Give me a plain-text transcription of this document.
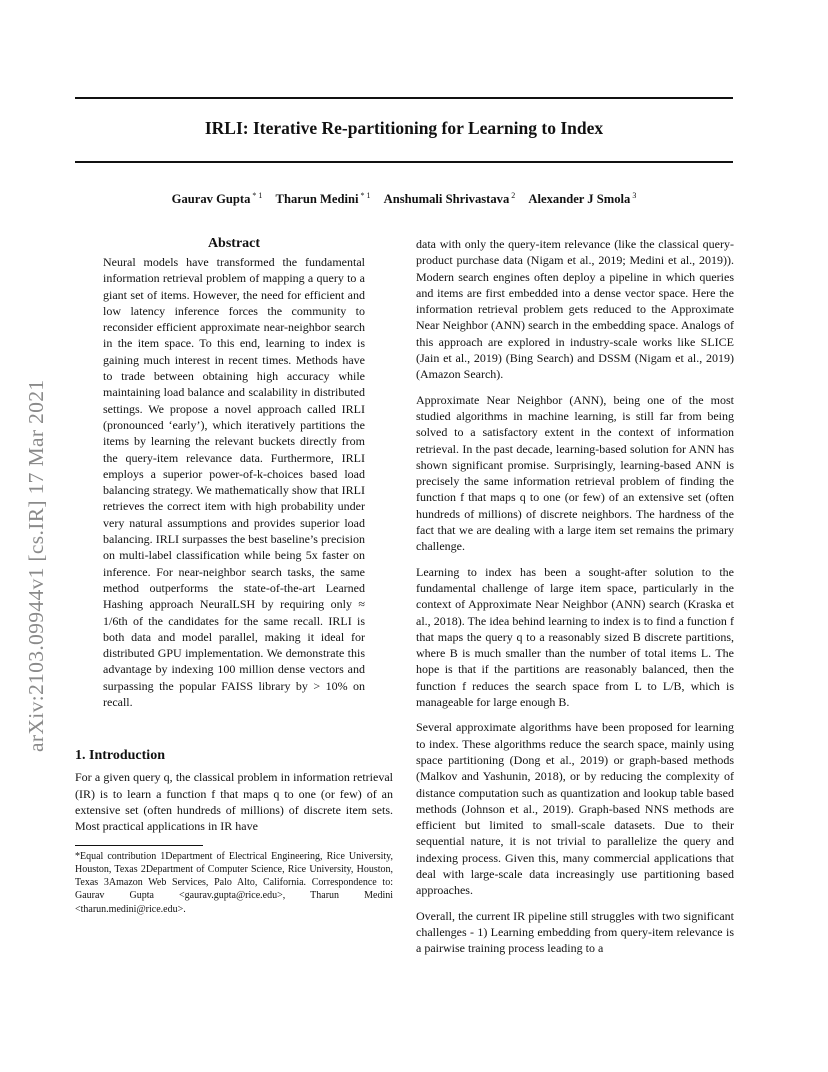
IRLI: Iterative Re-partitioning for Learning to Index
Gaurav Gupta $^{* 1}$ Tharun Medini $^{* 1}$ Anshumali Shrivastava $^2$ Alexander J Smola $^3$
arXiv:2103.09944v1 [cs.IR] 17 Mar 2021
Abstract

Neural models have transformed the fundamental information retrieval problem of mapping a query to a giant set of items. However, the need for efficient and low latency inference forces the community to reconsider efficient approximate near-neighbor search in the item space. To this end, learning to index is gaining much interest in recent times. Methods have to trade between obtaining high accuracy while maintaining load balance and scalability in distributed settings. We propose a novel approach called IRLI (pronounced ‘early’), which iteratively partitions the items by learning the relevant buckets directly from the query-item relevance data. Furthermore, IRLI employs a superior power-of-k-choices based load balancing strategy. We mathematically show that IRLI retrieves the correct item with high probability under very natural assumptions and provides superior load balancing. IRLI surpasses the best baseline’s precision on multi-label classification while being 5x faster on inference. For near-neighbor search tasks, the same method outperforms the state-of-the-art Learned Hashing approach NeuralLSH by requiring only ≈ 1/6th of the candidates for the same recall. IRLI is both data and model parallel, making it ideal for distributed GPU implementation. We demonstrate this advantage by indexing 100 million dense vectors and surpassing the popular FAISS library by > 10% on recall.

1. Introduction

For a given query q, the classical problem in information retrieval (IR) is to learn a function f that maps q to one (or few) of an extensive set (often hundreds of millions) of discrete item sets. Most practical applications in IR have

*Equal contribution 1Department of Electrical Engineering, Rice University, Houston, Texas 2Department of Computer Science, Rice University, Houston, Texas 3Amazon Web Services, Palo Alto, California. Correspondence to: Gaurav Gupta <gaurav.gupta@rice.edu>, Tharun Medini <tharun.medini@rice.edu>.

data with only the query-item relevance (like the classical query-product purchase data (Nigam et al., 2019; Medini et al., 2019)). Modern search engines often deploy a pipeline in which queries and items are first embedded into a dense vector space. Here the information retrieval problem gets reduced to the Approximate Near Neighbor (ANN) search in the embedding space. Analogs of this approach are explored in industry-scale works like SLICE (Jain et al., 2019) (Bing Search) and DSSM (Nigam et al., 2019) (Amazon Search).

Approximate Near Neighbor (ANN), being one of the most studied algorithms in machine learning, is still far from being solved to a satisfactory extent in the context of information retrieval. In the past decade, learning-based solution for ANN has shown significant promise. Surprisingly, learning-based ANN is precisely the same information retrieval problem of finding the function f that maps q to one (or few) of an extensive set (often hundreds of millions) of discrete neighbors. The hardness of the fact that we are dealing with a large item set remains the primary challenge.

Learning to index has been a sought-after solution to the fundamental challenge of large item space, particularly in the context of Approximate Near Neighbor (ANN) search (Kraska et al., 2018). The idea behind learning to index is to find a function f that maps the query q to a reasonably sized B discrete partitions, where B is much smaller than the number of total items L. The hope is that if the partitions are reasonably balanced, then the function f reduces the search space from L to L/B, which is manageable for large enough B.

Several approximate algorithms have been proposed for learning to index. These algorithms reduce the search space, mainly using space partitioning (Dong et al., 2019) or graph-based methods (Malkov and Yashunin, 2018), or by reducing the complexity of distance computation such as quantization and lookup table based methods (Johnson et al., 2019). Graph-based NNS methods are efficient but limited to small-scale datasets. Due to their sequential nature, it is not trivial to parallelize the query and indexing process. Given this, many commercial applications that deal with large-scale data increasingly use partitioning based approaches.

Overall, the current IR pipeline still struggles with two significant challenges - 1) Learning embedding from query-item relevance is a pairwise training process leading to a
